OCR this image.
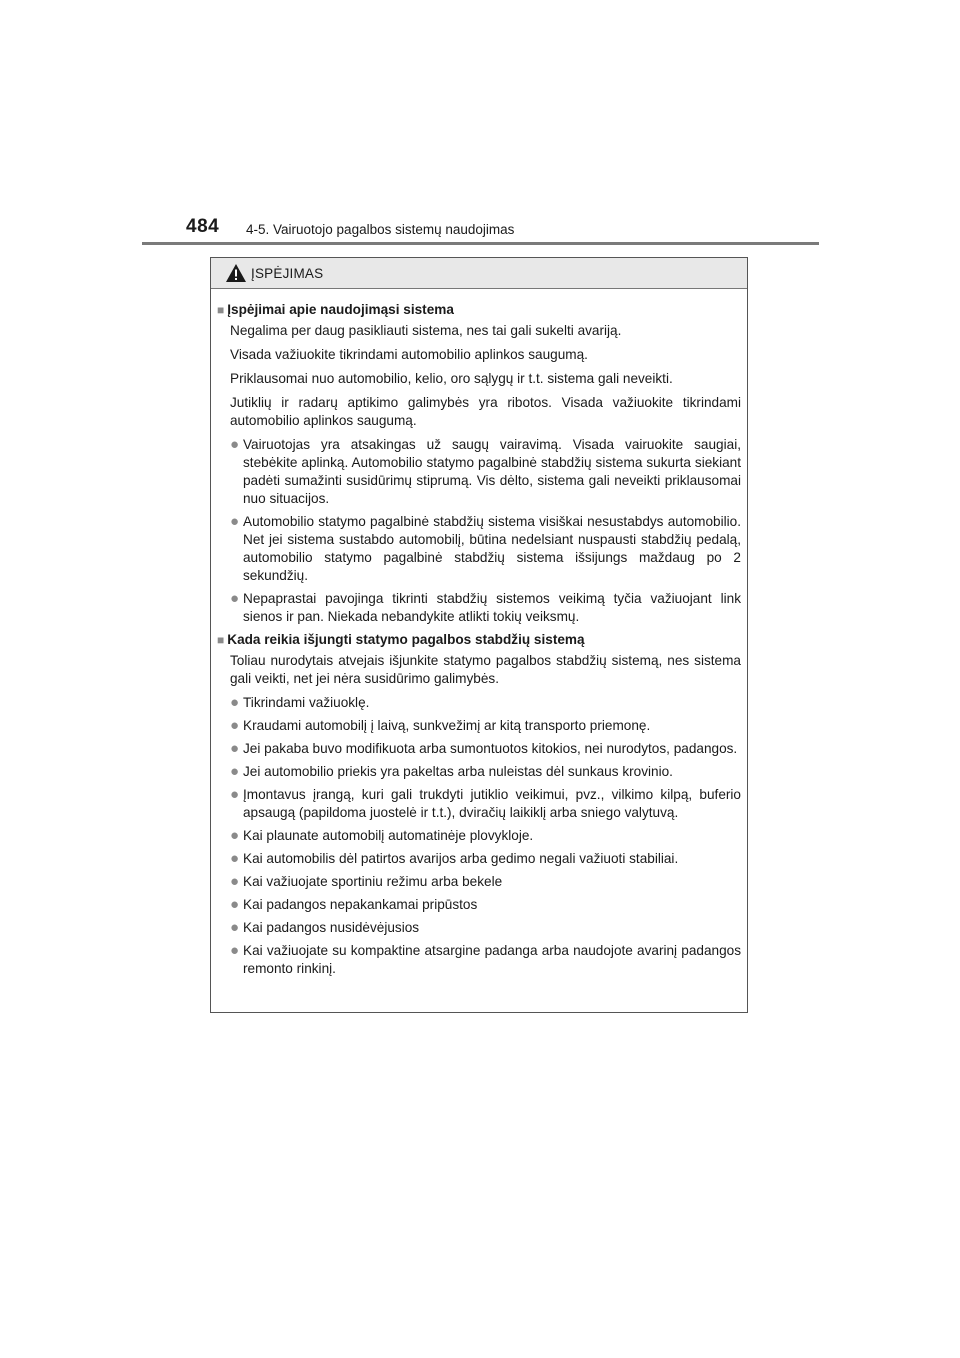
484 4-5. Vairuotojo pagalbos sistemų naudojimas
ĮSPĖJIMAS
■ Įspėjimai apie naudojimąsi sistema

Negalima per daug pasikliauti sistema, nes tai gali sukelti avariją.

Visada važiuokite tikrindami automobilio aplinkos saugumą.

Priklausomai nuo automobilio, kelio, oro sąlygų ir t.t. sistema gali neveikti.

Jutiklių ir radarų aptikimo galimybės yra ribotos. Visada važiuokite tikrindami automobilio aplinkos saugumą.

● Vairuotojas yra atsakingas už saugų vairavimą. Visada vairuokite saugiai, stebėkite aplinką. Automobilio statymo pagalbinė stabdžių sistema sukurta siekiant padėti sumažinti susidūrimų stiprumą. Vis dėlto, sistema gali neveikti priklausomai nuo situacijos.
● Automobilio statymo pagalbinė stabdžių sistema visiškai nesustabdys automobilio. Net jei sistema sustabdo automobilį, būtina nedelsiant nuspausti stabdžių pedalą, automobilio statymo pagalbinė stabdžių sistema išsijungs maždaug po 2 sekundžių.
● Nepaprastai pavojinga tikrinti stabdžių sistemos veikimą tyčia važiuojant link sienos ir pan. Niekada nebandykite atlikti tokių veiksmų.
■ Kada reikia išjungti statymo pagalbos stabdžių sistemą

Toliau nurodytais atvejais išjunkite statymo pagalbos stabdžių sistemą, nes sistema gali veikti, net jei nėra susidūrimo galimybės.

● Tikrindami važiuoklę.
● Kraudami automobilį į laivą, sunkvežimį ar kitą transporto priemonę.
● Jei pakaba buvo modifikuota arba sumontuotos kitokios, nei nurodytos, padangos.
● Jei automobilio priekis yra pakeltas arba nuleistas dėl sunkaus krovinio.
● Įmontavus įrangą, kuri gali trukdyti jutiklio veikimui, pvz., vilkimo kilpą, buferio apsaugą (papildoma juostelė ir t.t.), dviračių laikiklį arba sniego valytuvą.
● Kai plaunate automobilį automatinėje plovykloje.
● Kai automobilis dėl patirtos avarijos arba gedimo negali važiuoti stabiliai.
● Kai važiuojate sportiniu režimu arba bekele
● Kai padangos nepakankamai pripūstos
● Kai padangos nusidėvėjusios
● Kai važiuojate su kompaktine atsargine padanga arba naudojote avarinį padangos remonto rinkinį.
